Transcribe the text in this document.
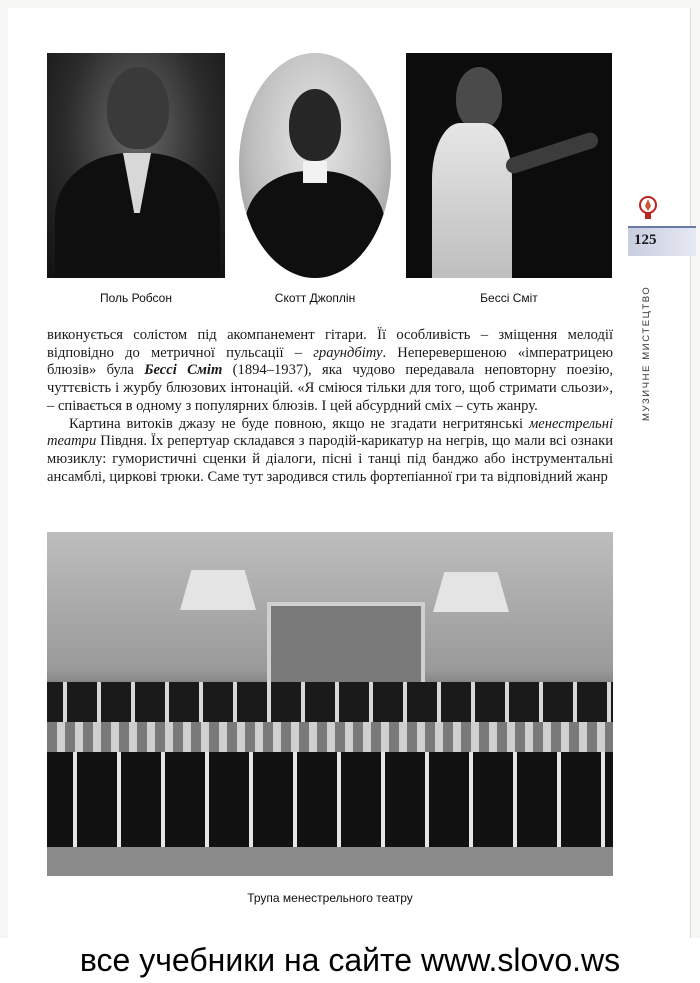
Поль Робсон	Скотт Джоплін	Бессі Сміт
125
МУЗИЧНЕ МИСТЕЦТВО

виконується солістом під акомпанемент гітари. Її особливість – зміщення мелодії відповідно до метричної пульсації – граундбіту. Неперевершеною «імператрицею блюзів» була Бессі Сміт (1894–1937), яка чудово передавала неповторну поезію, чуттєвість і журбу блюзових інтонацій. «Я сміюся тільки для того, щоб стримати сльози», – співається в одному з популярних блюзів. І цей абсурдний сміх – суть жанру.

Картина витоків джазу не буде повною, якщо не згадати негритянські менестрельні театри Півдня. Їх репертуар складався з пародій-карикатур на негрів, що мали всі ознаки мюзиклу: гумористичні сценки й діалоги, пісні і танці під банджо або інструментальні ансамблі, циркові трюки. Саме тут зародився стиль фортепіанної гри та відповідний жанр

Трупа менестрельного театру
все учебники на сайте www.slovo.ws
